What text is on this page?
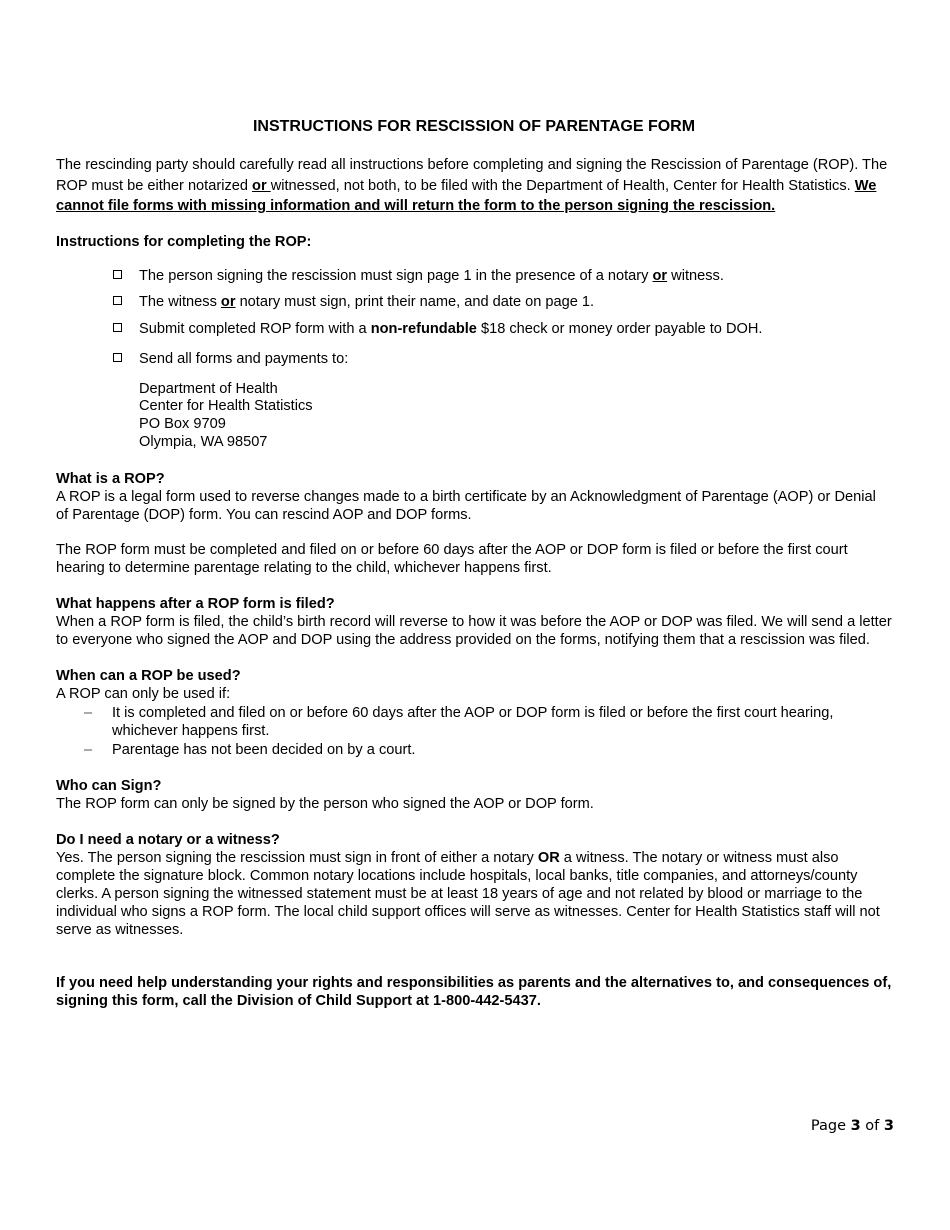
INSTRUCTIONS FOR RESCISSION OF PARENTAGE FORM

The rescinding party should carefully read all instructions before completing and signing the Rescission of Parentage (ROP). The ROP must be either notarized or witnessed, not both, to be filed with the Department of Health, Center for Health Statistics. We cannot file forms with missing information and will return the form to the person signing the rescission.

Instructions for completing the ROP:

The person signing the rescission must sign page 1 in the presence of a notary or witness.
The witness or notary must sign, print their name, and date on page 1.
Submit completed ROP form with a non-refundable $18 check or money order payable to DOH.
Send all forms and payments to:
Department of Health
Center for Health Statistics
PO Box 9709
Olympia, WA 98507
What is a ROP?

A ROP is a legal form used to reverse changes made to a birth certificate by an Acknowledgment of Parentage (AOP) or Denial of Parentage (DOP) form. You can rescind AOP and DOP forms.

The ROP form must be completed and filed on or before 60 days after the AOP or DOP form is filed or before the first court hearing to determine parentage relating to the child, whichever happens first.

What happens after a ROP form is filed?

When a ROP form is filed, the child’s birth record will reverse to how it was before the AOP or DOP was filed. We will send a letter to everyone who signed the AOP and DOP using the address provided on the forms, notifying them that a rescission was filed.

When can a ROP be used?

A ROP can only be used if:

– It is completed and filed on or before 60 days after the AOP or DOP form is filed or before the first court hearing, whichever happens first.
– Parentage has not been decided on by a court.
Who can Sign?

The ROP form can only be signed by the person who signed the AOP or DOP form.

Do I need a notary or a witness?

Yes. The person signing the rescission must sign in front of either a notary OR a witness. The notary or witness must also complete the signature block. Common notary locations include hospitals, local banks, title companies, and attorneys/county clerks. A person signing the witnessed statement must be at least 18 years of age and not related by blood or marriage to the individual who signs a ROP form. The local child support offices will serve as witnesses. Center for Health Statistics staff will not serve as witnesses.

If you need help understanding your rights and responsibilities as parents and the alternatives to, and consequences of, signing this form, call the Division of Child Support at 1-800-442-5437.

Page 3 of 3
